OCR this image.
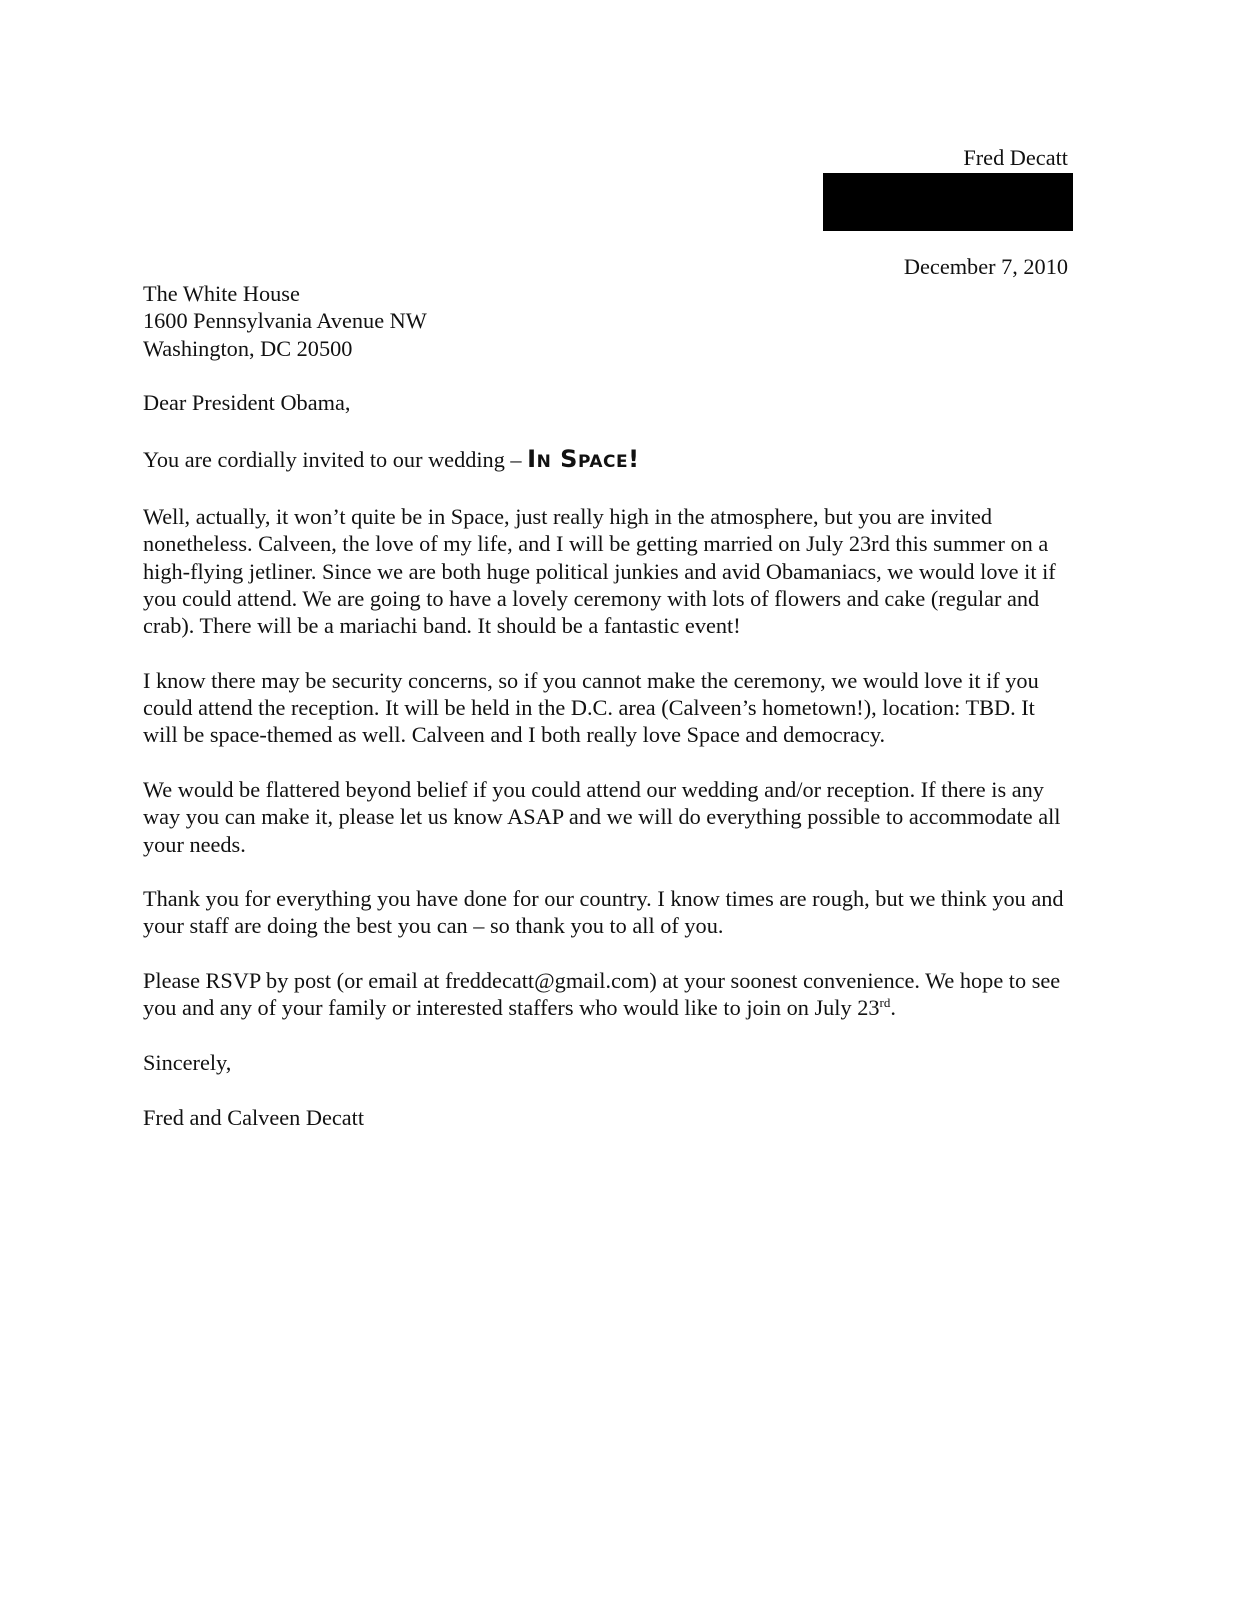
Fred Decatt
December 7, 2010
The White House
1600 Pennsylvania Avenue NW
Washington, DC 20500
Dear President Obama,
You are cordially invited to our wedding – In Space!

Well, actually, it won’t quite be in Space, just really high in the atmosphere, but you are invited nonetheless. Calveen, the love of my life, and I will be getting married on July 23rd this summer on a high-flying jetliner. Since we are both huge political junkies and avid Obamaniacs, we would love it if you could attend. We are going to have a lovely ceremony with lots of flowers and cake (regular and crab). There will be a mariachi band. It should be a fantastic event!

I know there may be security concerns, so if you cannot make the ceremony, we would love it if you could attend the reception. It will be held in the D.C. area (Calveen’s hometown!), location: TBD. It will be space-themed as well. Calveen and I both really love Space and democracy.

We would be flattered beyond belief if you could attend our wedding and/or reception. If there is any way you can make it, please let us know ASAP and we will do everything possible to accommodate all your needs.

Thank you for everything you have done for our country. I know times are rough, but we think you and your staff are doing the best you can – so thank you to all of you.

Please RSVP by post (or email at freddecatt@gmail.com) at your soonest convenience. We hope to see you and any of your family or interested staffers who would like to join on July 23rd.

Sincerely,

Fred and Calveen Decatt
